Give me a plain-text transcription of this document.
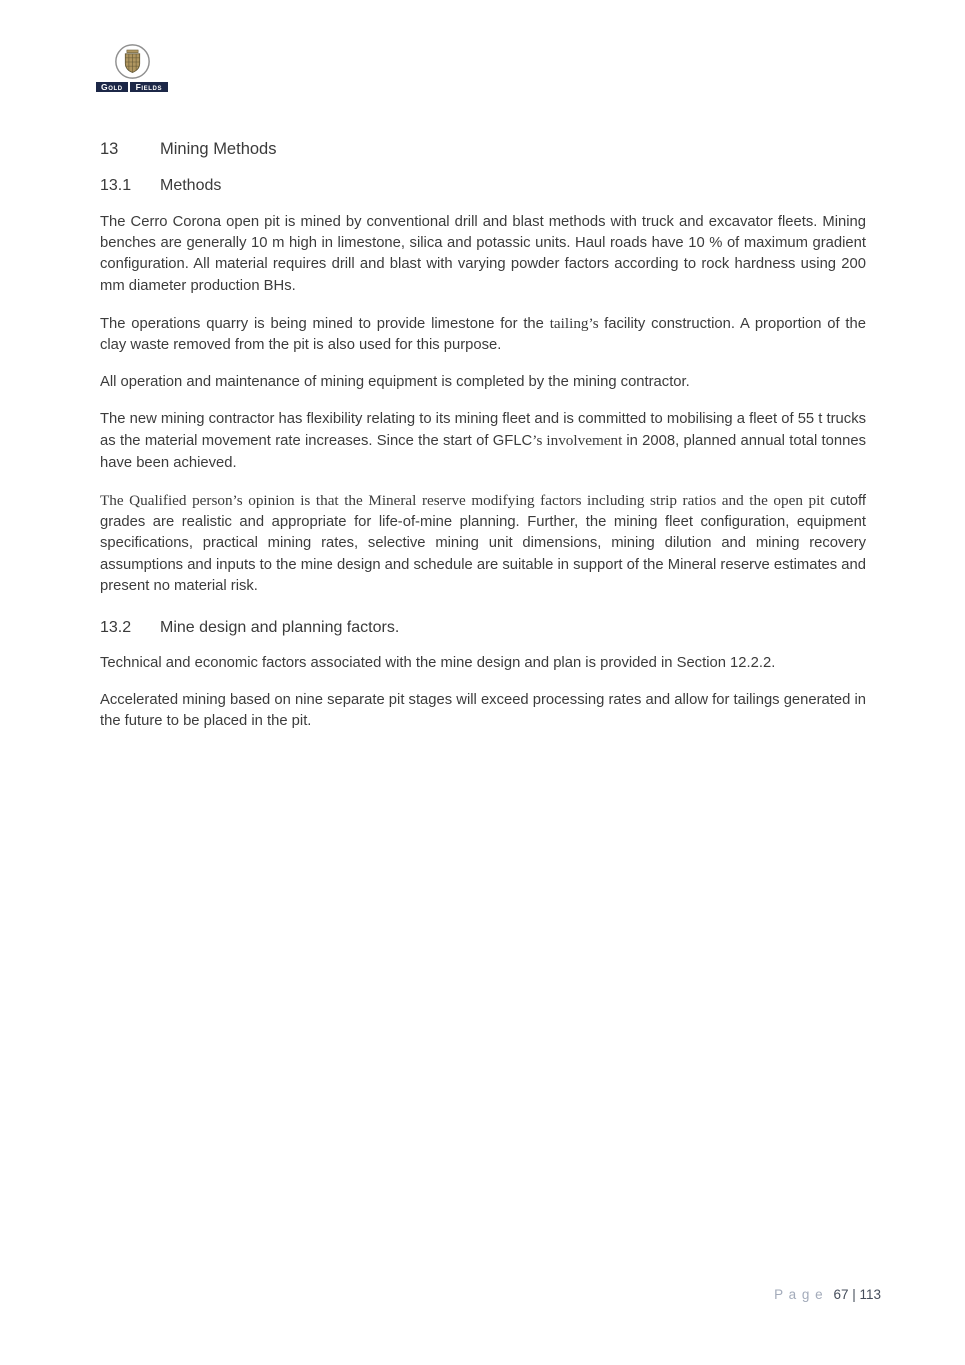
Gold	Fields
13	Mining Methods
13.1	Methods

The Cerro Corona open pit is mined by conventional drill and blast methods with truck and excavator fleets. Mining benches are generally 10 m high in limestone, silica and potassic units. Haul roads have 10 % of maximum gradient configuration. All material requires drill and blast with varying powder factors according to rock hardness using 200 mm diameter production BHs.

The operations quarry is being mined to provide limestone for the tailing’s facility construction. A proportion of the clay waste removed from the pit is also used for this purpose.

All operation and maintenance of mining equipment is completed by the mining contractor.

The new mining contractor has flexibility relating to its mining fleet and is committed to mobilising a fleet of 55 t trucks as the material movement rate increases. Since the start of GFLC’s involvement in 2008, planned annual total tonnes have been achieved.

The Qualified person’s opinion is that the Mineral reserve modifying factors including strip ratios and the open pit cutoff grades are realistic and appropriate for life-of-mine planning. Further, the mining fleet configuration, equipment specifications, practical mining rates, selective mining unit dimensions, mining dilution and mining recovery assumptions and inputs to the mine design and schedule are suitable in support of the Mineral reserve estimates and present no material risk.

13.2	Mine design and planning factors.

Technical and economic factors associated with the mine design and plan is provided in Section 12.2.2.

Accelerated mining based on nine separate pit stages will exceed processing rates and allow for tailings generated in the future to be placed in the pit.

P a g e 67 | 113
